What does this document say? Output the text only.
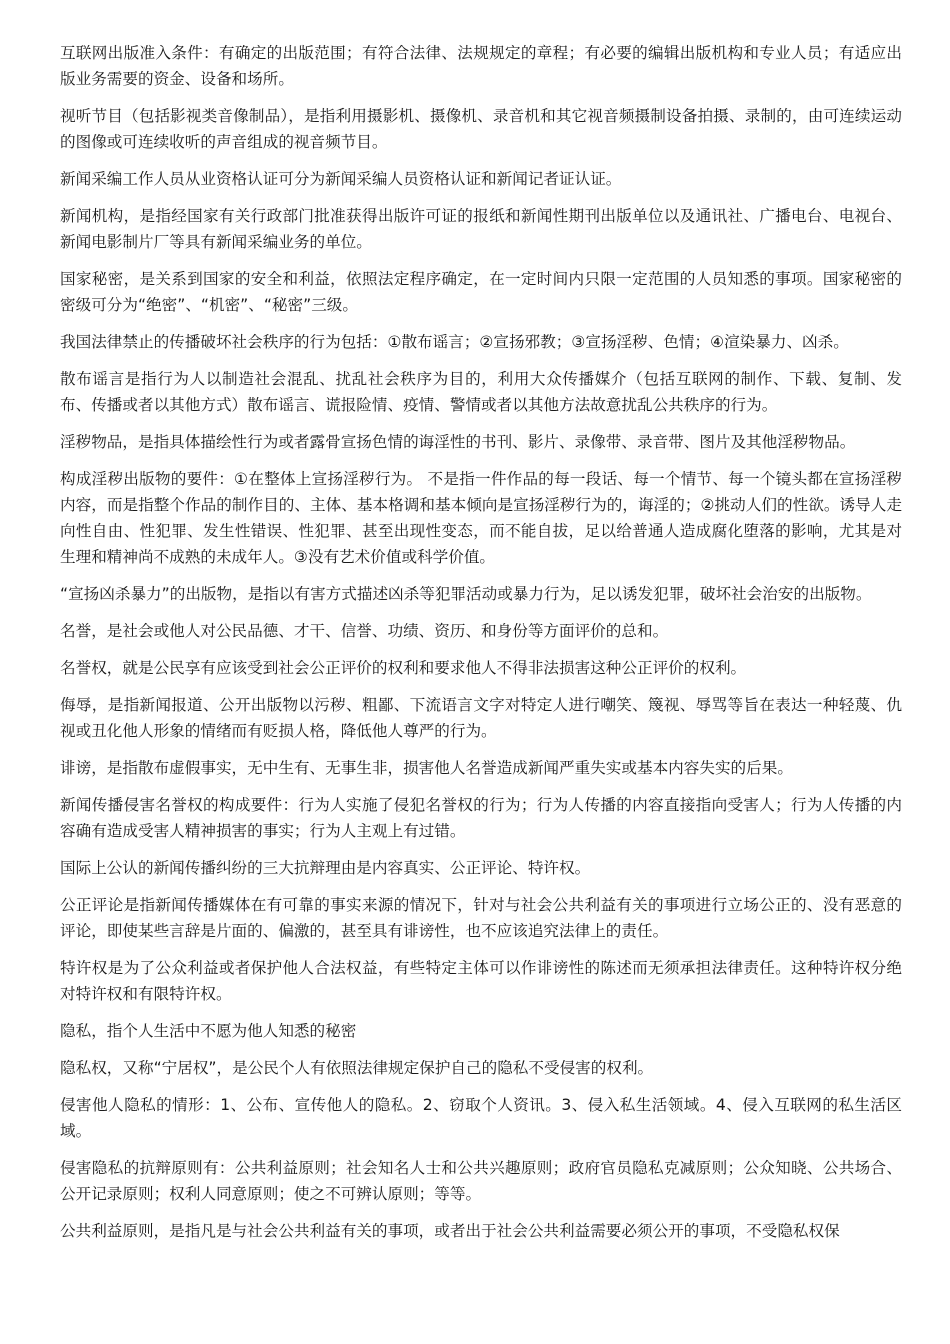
互联网出版准入条件：有确定的出版范围；有符合法律、法规规定的章程；有必要的编辑出版机构和专业人员；有适应出版业务需要的资金、设备和场所。

视听节目（包括影视类音像制品），是指利用摄影机、摄像机、录音机和其它视音频摄制设备拍摄、录制的，由可连续运动的图像或可连续收听的声音组成的视音频节目。

新闻采编工作人员从业资格认证可分为新闻采编人员资格认证和新闻记者证认证。

新闻机构，是指经国家有关行政部门批准获得出版许可证的报纸和新闻性期刊出版单位以及通讯社、广播电台、电视台、新闻电影制片厂等具有新闻采编业务的单位。

国家秘密，是关系到国家的安全和利益，依照法定程序确定，在一定时间内只限一定范围的人员知悉的事项。国家秘密的密级可分为“绝密”、“机密”、“秘密”三级。

我国法律禁止的传播破坏社会秩序的行为包括：①散布谣言；②宣扬邪教；③宣扬淫秽、色情；④渲染暴力、凶杀。

散布谣言是指行为人以制造社会混乱、扰乱社会秩序为目的，利用大众传播媒介（包括互联网的制作、下载、复制、发布、传播或者以其他方式）散布谣言、谎报险情、疫情、警情或者以其他方法故意扰乱公共秩序的行为。

淫秽物品，是指具体描绘性行为或者露骨宣扬色情的诲淫性的书刊、影片、录像带、录音带、图片及其他淫秽物品。

构成淫秽出版物的要件：①在整体上宣扬淫秽行为。 不是指一件作品的每一段话、每一个情节、每一个镜头都在宣扬淫秽内容，而是指整个作品的制作目的、主体、基本格调和基本倾向是宣扬淫秽行为的，诲淫的；②挑动人们的性欲。诱导人走向性自由、性犯罪、发生性错误、性犯罪、甚至出现性变态，而不能自拔，足以给普通人造成腐化堕落的影响，尤其是对生理和精神尚不成熟的未成年人。③没有艺术价值或科学价值。

“宣扬凶杀暴力”的出版物，是指以有害方式描述凶杀等犯罪活动或暴力行为，足以诱发犯罪，破坏社会治安的出版物。

名誉，是社会或他人对公民品德、才干、信誉、功绩、资历、和身份等方面评价的总和。

名誉权，就是公民享有应该受到社会公正评价的权利和要求他人不得非法损害这种公正评价的权利。

侮辱，是指新闻报道、公开出版物以污秽、粗鄙、下流语言文字对特定人进行嘲笑、篾视、辱骂等旨在表达一种轻蔑、仇视或丑化他人形象的情绪而有贬损人格，降低他人尊严的行为。

诽谤，是指散布虚假事实，无中生有、无事生非，损害他人名誉造成新闻严重失实或基本内容失实的后果。

新闻传播侵害名誉权的构成要件：行为人实施了侵犯名誉权的行为；行为人传播的内容直接指向受害人；行为人传播的内容确有造成受害人精神损害的事实；行为人主观上有过错。

国际上公认的新闻传播纠纷的三大抗辩理由是内容真实、公正评论、特许权。

公正评论是指新闻传播媒体在有可靠的事实来源的情况下，针对与社会公共利益有关的事项进行立场公正的、没有恶意的评论，即使某些言辞是片面的、偏激的，甚至具有诽谤性，也不应该追究法律上的责任。

特许权是为了公众利益或者保护他人合法权益，有些特定主体可以作诽谤性的陈述而无须承担法律责任。这种特许权分绝对特许权和有限特许权。

隐私，指个人生活中不愿为他人知悉的秘密

隐私权，又称“宁居权”，是公民个人有依照法律规定保护自己的隐私不受侵害的权利。

侵害他人隐私的情形：1、公布、宣传他人的隐私。2、窃取个人资讯。3、侵入私生活领域。4、侵入互联网的私生活区域。

侵害隐私的抗辩原则有：公共利益原则；社会知名人士和公共兴趣原则；政府官员隐私克减原则；公众知晓、公共场合、公开记录原则；权利人同意原则；使之不可辨认原则；等等。

公共利益原则，是指凡是与社会公共利益有关的事项，或者出于社会公共利益需要必须公开的事项，不受隐私权保
